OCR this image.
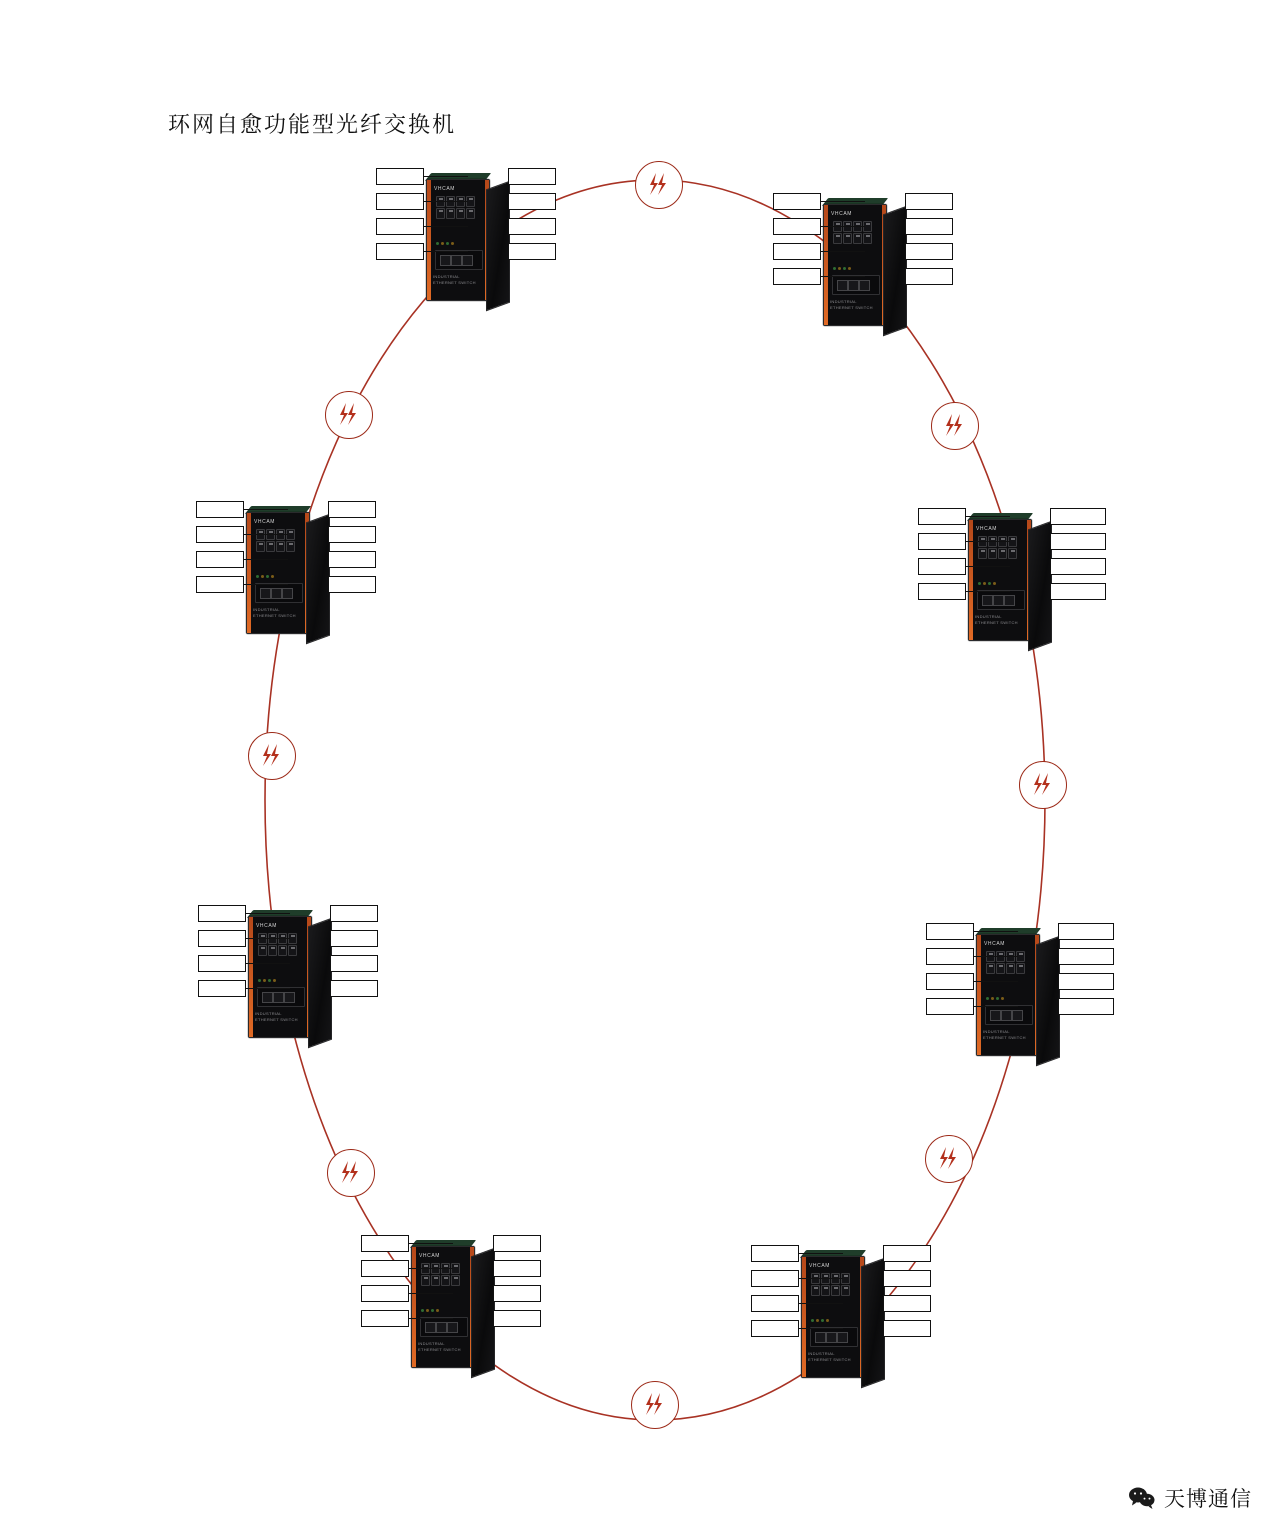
环网自愈功能型光纤交换机
VHCAM
INDUSTRIAL ETHERNET SWITCH
VHCAM
INDUSTRIAL ETHERNET SWITCH
VHCAM
INDUSTRIAL ETHERNET SWITCH
VHCAM
INDUSTRIAL ETHERNET SWITCH
VHCAM
INDUSTRIAL ETHERNET SWITCH
VHCAM
INDUSTRIAL ETHERNET SWITCH
VHCAM
INDUSTRIAL ETHERNET SWITCH
VHCAM
INDUSTRIAL ETHERNET SWITCH
天博通信
